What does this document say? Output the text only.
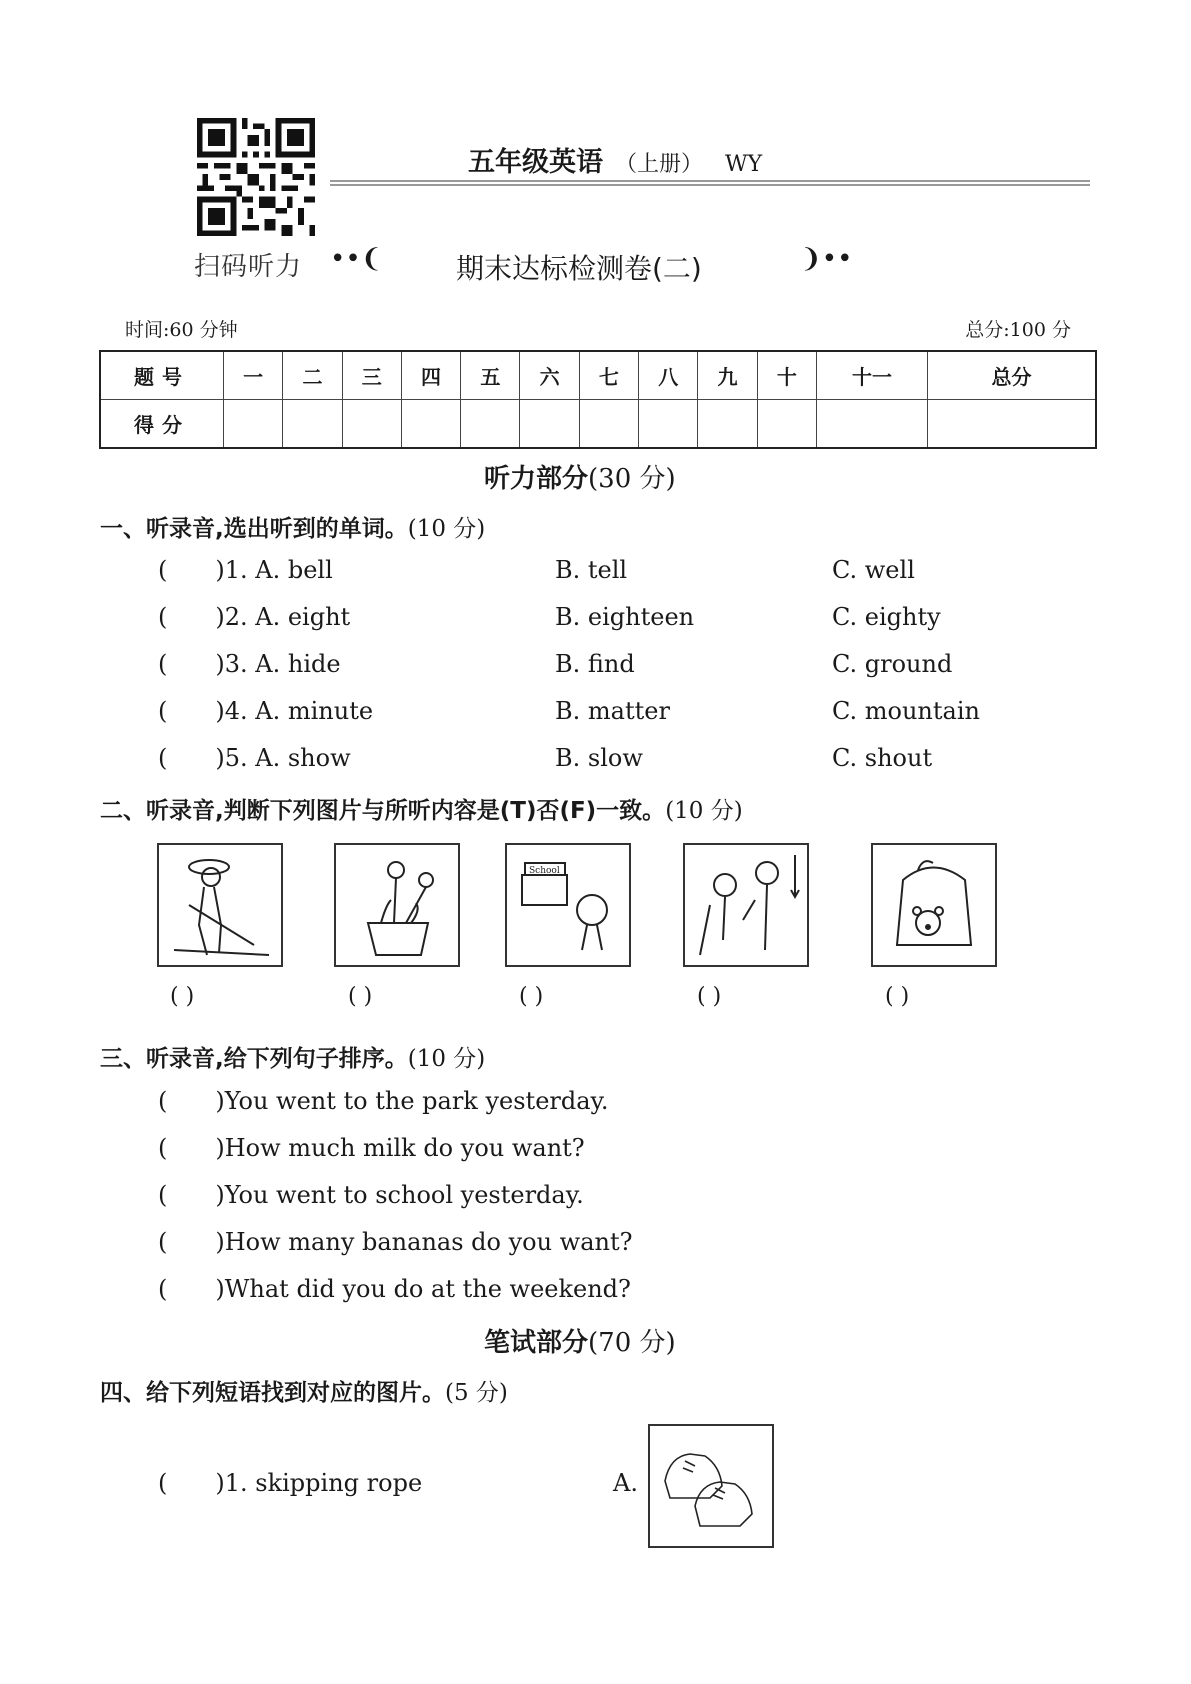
扫码听力
五年级英语 （上册） WY
••❨	期末达标检测卷(二)	❩••
时间:60 分钟	总分:100 分
题号	一	二	三	四	五	六	七	八	九	十	十一	总分
得分												
听力部分(30 分)
一、听录音,选出听到的单词。(10 分)
( )1. A. bell	B. tell	C. well
( )2. A. eight	B. eighteen	C. eighty
( )3. A. hide	B. find	C. ground
( )4. A. minute	B. matter	C. mountain
( )5. A. show	B. slow	C. shout
二、听录音,判断下列图片与所听内容是(T)否(F)一致。(10 分)
School
( )	( )	( )	( )	( )
三、听录音,给下列句子排序。(10 分)
( )You went to the park yesterday.
( )How much milk do you want?
( )You went to school yesterday.
( )How many bananas do you want?
( )What did you do at the weekend?
笔试部分(70 分)
四、给下列短语找到对应的图片。(5 分)
( )1. skipping rope	A.
